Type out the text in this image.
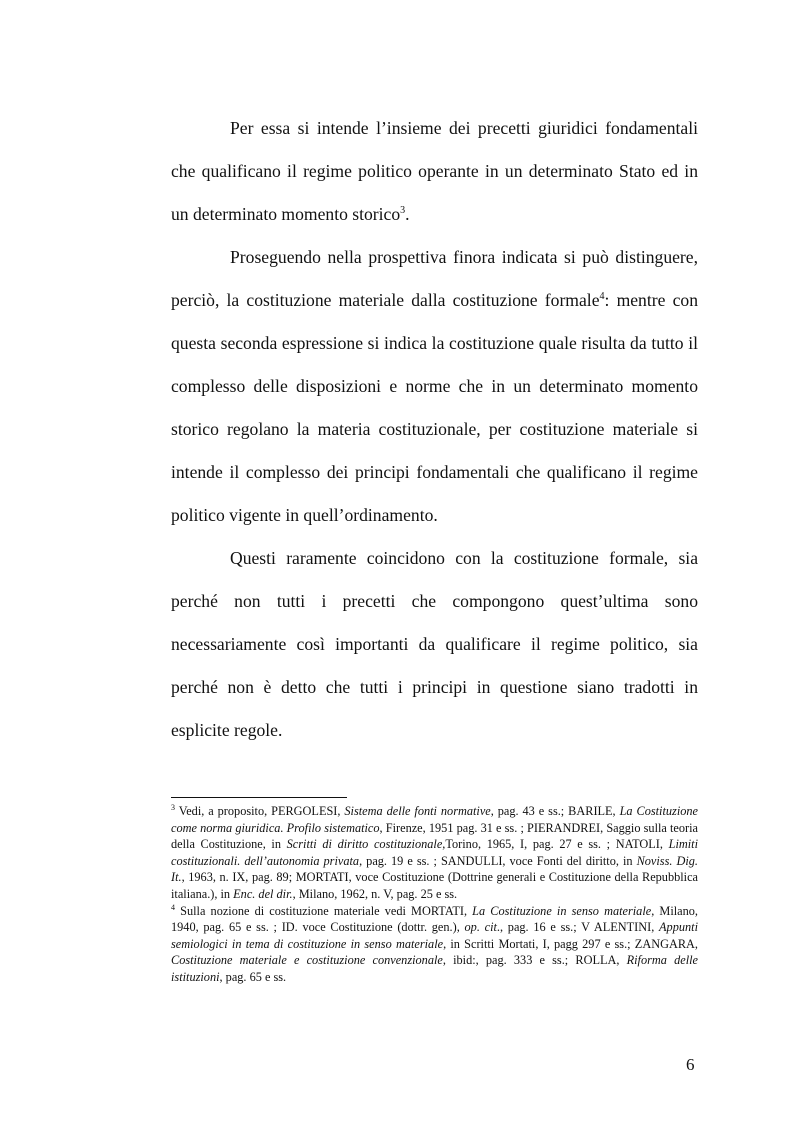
Per essa si intende l’insieme dei precetti giuridici fondamentali che qualificano il regime politico operante in un determinato Stato ed in un determinato momento storico$^3$.

Proseguendo nella prospettiva finora indicata si può distinguere, perciò, la costituzione materiale dalla costituzione formale$^4$: mentre con questa seconda espressione si indica la costituzione quale risulta da tutto il complesso delle disposizioni e norme che in un determinato momento storico regolano la materia costituzionale, per costituzione materiale si intende il complesso dei principi fondamentali che qualificano il regime politico vigente in quell’ordinamento.

Questi raramente coincidono con la costituzione formale, sia perché non tutti i precetti che compongono quest’ultima sono necessariamente così importanti da qualificare il regime politico, sia perché non è detto che tutti i principi in questione siano tradotti in esplicite regole.

$^3$ Vedi, a proposito, PERGOLESI, Sistema delle fonti normative, pag. 43 e ss.; BARILE, La Costituzione come norma giuridica. Profilo sistematico, Firenze, 1951 pag. 31 e ss. ; PIERANDREI, Saggio sulla teoria della Costituzione, in Scritti di diritto costituzionale,Torino, 1965, I, pag. 27 e ss. ; NATOLI, Limiti costituzionali. dell’autonomia privata, pag. 19 e ss. ; SANDULLI, voce Fonti del diritto, in Noviss. Dig. It., 1963, n. IX, pag. 89; MORTATI, voce Costituzione (Dottrine generali e Costituzione della Repubblica italiana.), in Enc. del dir., Milano, 1962, n. V, pag. 25 e ss.

$^4$ Sulla nozione di costituzione materiale vedi MORTATI, La Costituzione in senso materiale, Milano, 1940, pag. 65 e ss. ; ID. voce Costituzione (dottr. gen.), op. cit., pag. 16 e ss.; V ALENTINI, Appunti semiologici in tema di costituzione in senso materiale, in Scritti Mortati, I, pagg 297 e ss.; ZANGARA, Costituzione materiale e costituzione convenzionale, ibid:, pag. 333 e ss.; ROLLA, Riforma delle istituzioni, pag. 65 e ss.

6
